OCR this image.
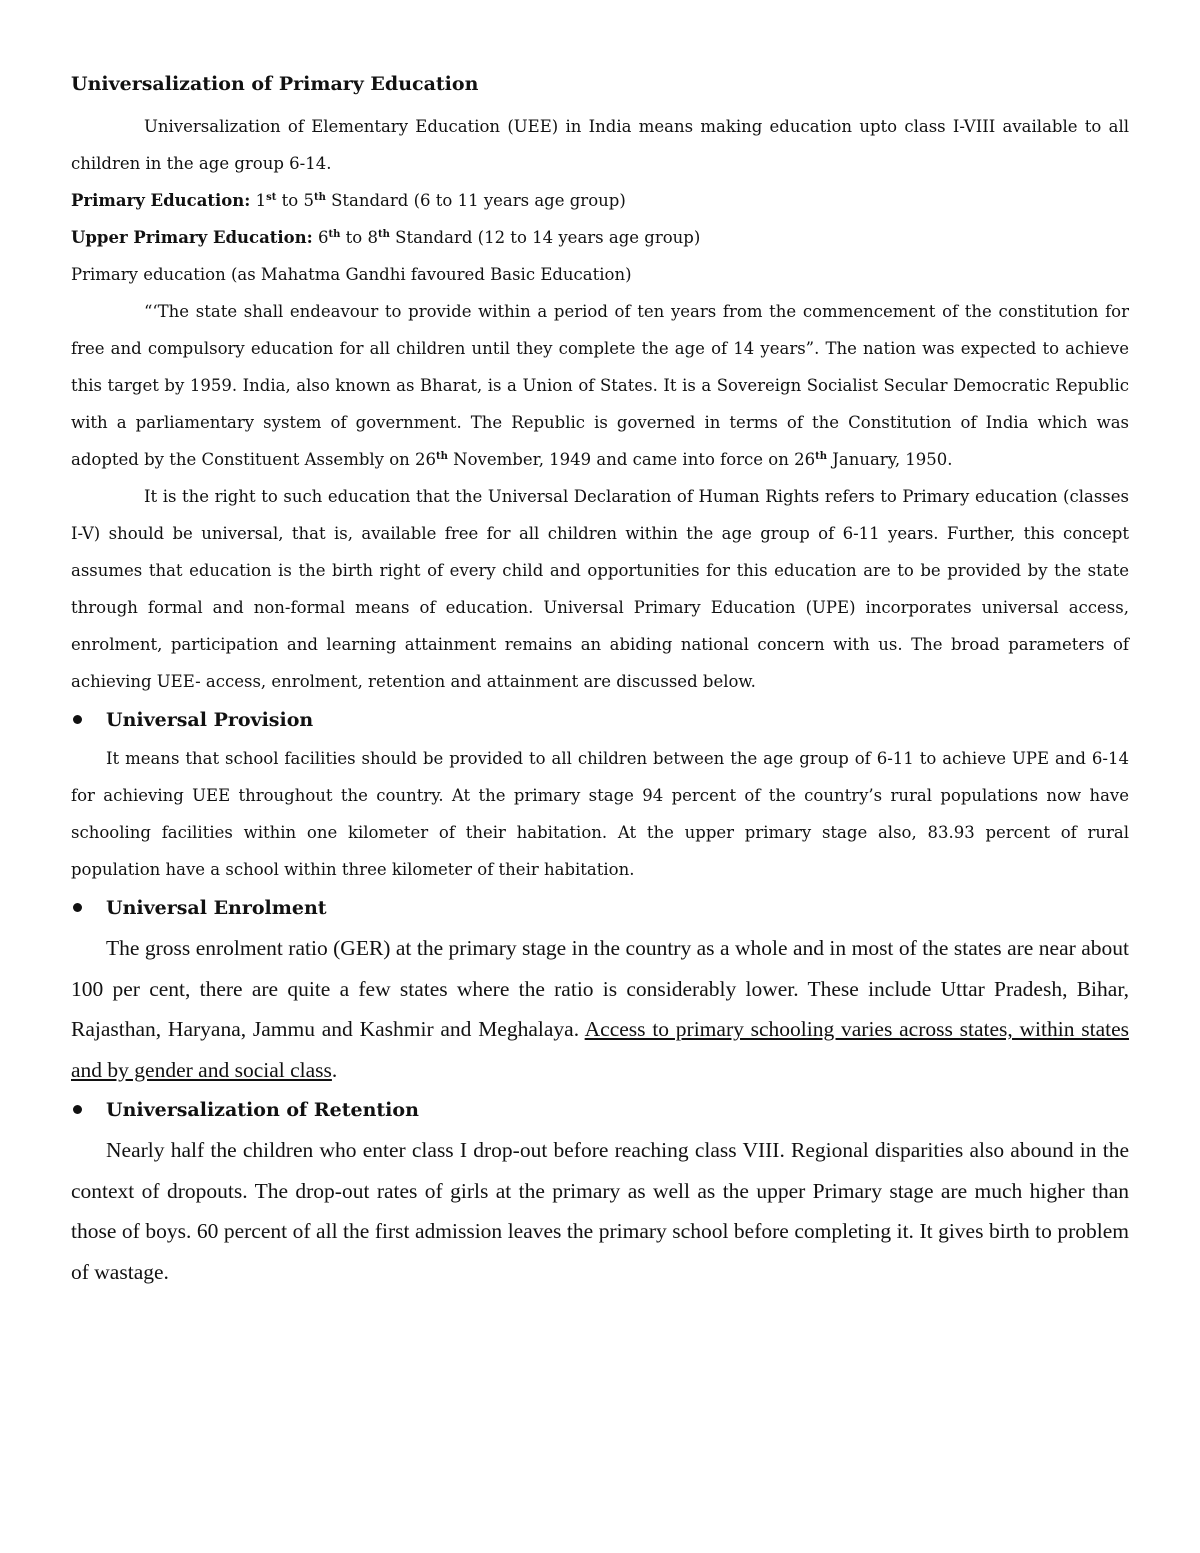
Universalization of Primary Education

Universalization of Elementary Education (UEE) in India means making education upto class I-VIII available to all children in the age group 6-14.

Primary Education: 1st to 5th Standard (6 to 11 years age group)

Upper Primary Education: 6th to 8th Standard (12 to 14 years age group)

Primary education (as Mahatma Gandhi favoured Basic Education)

“‘The state shall endeavour to provide within a period of ten years from the commencement of the constitution for free and compulsory education for all children until they complete the age of 14 years”. The nation was expected to achieve this target by 1959. India, also known as Bharat, is a Union of States. It is a Sovereign Socialist Secular Democratic Republic with a parliamentary system of government. The Republic is governed in terms of the Constitution of India which was adopted by the Constituent Assembly on 26th November, 1949 and came into force on 26th January, 1950.

It is the right to such education that the Universal Declaration of Human Rights refers to Primary education (classes I-V) should be universal, that is, available free for all children within the age group of 6-11 years. Further, this concept assumes that education is the birth right of every child and opportunities for this education are to be provided by the state through formal and non-formal means of education. Universal Primary Education (UPE) incorporates universal access, enrolment, participation and learning attainment remains an abiding national concern with us. The broad parameters of achieving UEE- access, enrolment, retention and attainment are discussed below.

Universal Provision

It means that school facilities should be provided to all children between the age group of 6-11 to achieve UPE and 6-14 for achieving UEE throughout the country. At the primary stage 94 percent of the country’s rural populations now have schooling facilities within one kilometer of their habitation. At the upper primary stage also, 83.93 percent of rural population have a school within three kilometer of their habitation.

Universal Enrolment

The gross enrolment ratio (GER) at the primary stage in the country as a whole and in most of the states are near about 100 per cent, there are quite a few states where the ratio is considerably lower. These include Uttar Pradesh, Bihar, Rajasthan, Haryana, Jammu and Kashmir and Meghalaya. Access to primary schooling varies across states, within states and by gender and social class.

Universalization of Retention

Nearly half the children who enter class I drop-out before reaching class VIII. Regional disparities also abound in the context of dropouts. The drop-out rates of girls at the primary as well as the upper Primary stage are much higher than those of boys. 60 percent of all the first admission leaves the primary school before completing it. It gives birth to problem of wastage.
